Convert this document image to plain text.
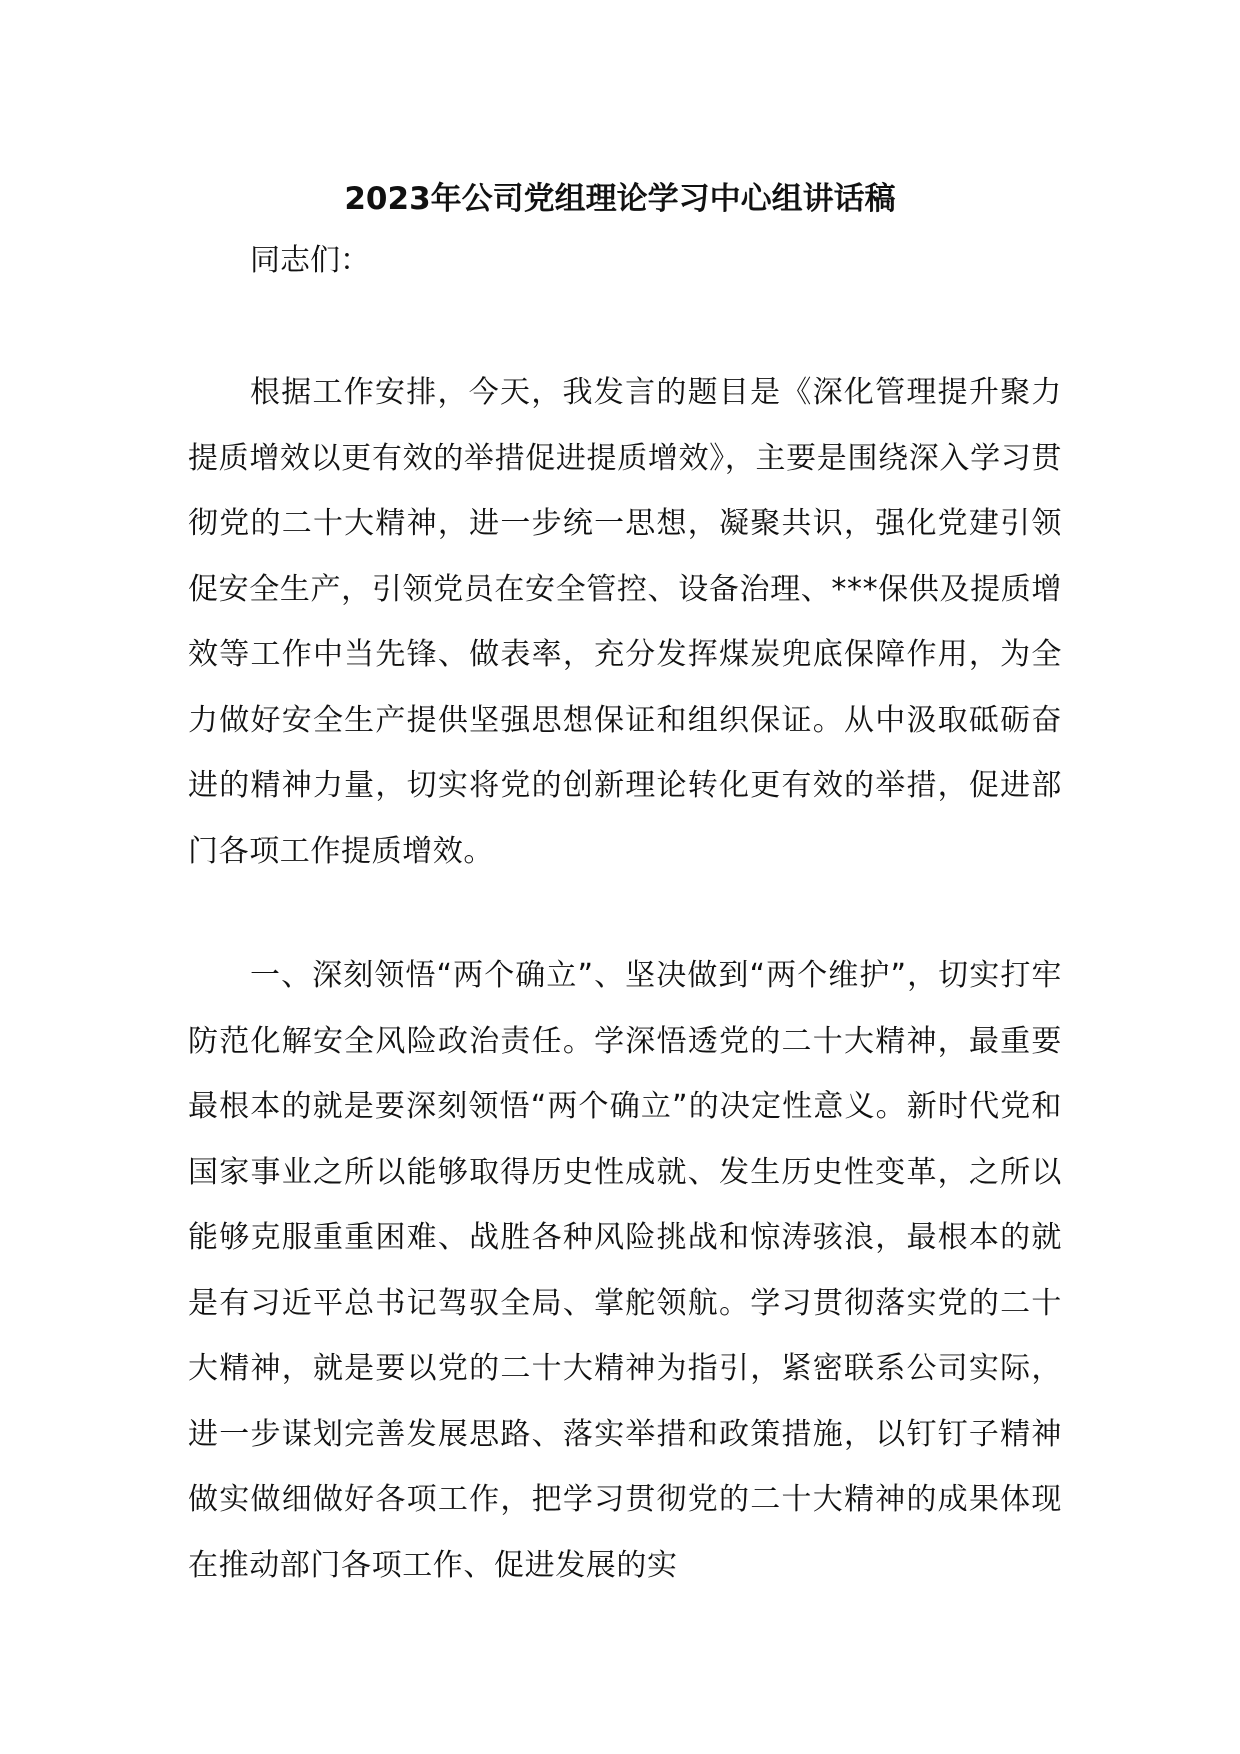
2023年公司党组理论学习中心组讲话稿

同志们：

根据工作安排，今天，我发言的题目是《深化管理提升聚力提质增效以更有效的举措促进提质增效》，主要是围绕深入学习贯彻党的二十大精神，进一步统一思想，凝聚共识，强化党建引领促安全生产，引领党员在安全管控、设备治理、***保供及提质增效等工作中当先锋、做表率，充分发挥煤炭兜底保障作用，为全力做好安全生产提供坚强思想保证和组织保证。从中汲取砥砺奋进的精神力量，切实将党的创新理论转化更有效的举措，促进部门各项工作提质增效。

一、深刻领悟“两个确立”、坚决做到“两个维护”，切实打牢防范化解安全风险政治责任。学深悟透党的二十大精神，最重要最根本的就是要深刻领悟“两个确立”的决定性意义。新时代党和国家事业之所以能够取得历史性成就、发生历史性变革，之所以能够克服重重困难、战胜各种风险挑战和惊涛骇浪，最根本的就是有习近平总书记驾驭全局、掌舵领航。学习贯彻落实党的二十大精神，就是要以党的二十大精神为指引，紧密联系公司实际，进一步谋划完善发展思路、落实举措和政策措施，以钉钉子精神做实做细做好各项工作，把学习贯彻党的二十大精神的成果体现在推动部门各项工作、促进发展的实
